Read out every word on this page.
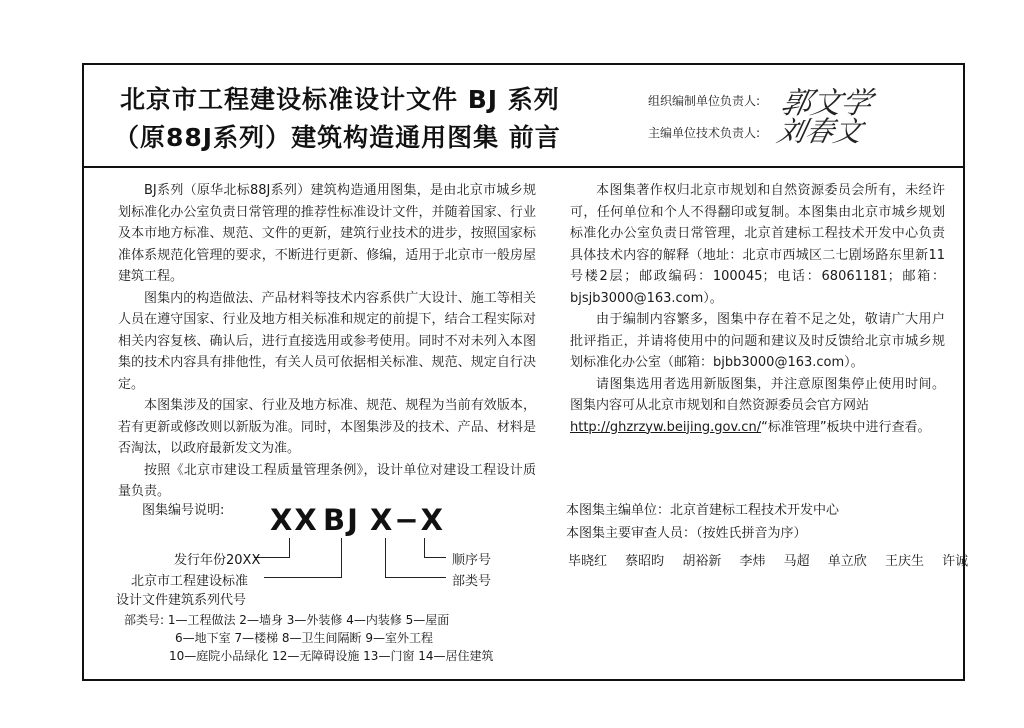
北京市工程建设标准设计文件 BJ 系列
（原88J系列）建筑构造通用图集 前言
组织编制单位负责人:
主编单位技术负责人:
郭文学
刘春文

BJ系列（原华北标88J系列）建筑构造通用图集，是由北京市城乡规划标准化办公室负责日常管理的推荐性标准设计文件，并随着国家、行业及本市地方标准、规范、文件的更新，建筑行业技术的进步，按照国家标准体系规范化管理的要求，不断进行更新、修编，适用于北京市一般房屋建筑工程。

图集内的构造做法、产品材料等技术内容系供广大设计、施工等相关人员在遵守国家、行业及地方相关标准和规定的前提下，结合工程实际对相关内容复核、确认后，进行直接选用或参考使用。同时不对未列入本图集的技术内容具有排他性，有关人员可依据相关标准、规范、规定自行决定。

本图集涉及的国家、行业及地方标准、规范、规程为当前有效版本，若有更新或修改则以新版为准。同时，本图集涉及的技术、产品、材料是否淘汰，以政府最新发文为准。

按照《北京市建设工程质量管理条例》，设计单位对建设工程设计质量负责。

图集编号说明: XX BJ X−X
发行年份20XX
北京市工程建设标准
设计文件建筑系列代号
顺序号
部类号
部类号: 1—工程做法 2—墙身 3—外装修 4—内装修 5—屋面
6—地下室 7—楼梯 8—卫生间隔断 9—室外工程
10—庭院小品绿化 12—无障碍设施 13—门窗 14—居住建筑

本图集著作权归北京市规划和自然资源委员会所有，未经许可，任何单位和个人不得翻印或复制。本图集由北京市城乡规划标准化办公室负责日常管理，北京首建标工程技术开发中心负责具体技术内容的解释（地址：北京市西城区二七剧场路东里新11号楼2层；邮政编码：100045；电话：68061181；邮箱： bjsjb3000@163.com）。

由于编制内容繁多，图集中存在着不足之处，敬请广大用户批评指正，并请将使用中的问题和建议及时反馈给北京市城乡规划标准化办公室（邮箱：bjbb3000@163.com）。

请图集选用者选用新版图集，并注意原图集停止使用时间。图集内容可从北京市规划和自然资源委员会官方网站
http://ghzrzyw.beijing.gov.cn/“标准管理”板块中进行查看。

本图集主编单位：北京首建标工程技术开发中心
本图集主要审查人员：（按姓氏拼音为序）
毕晓红 蔡昭昀 胡裕新 李炜 马超 单立欣 王庆生 许诚
